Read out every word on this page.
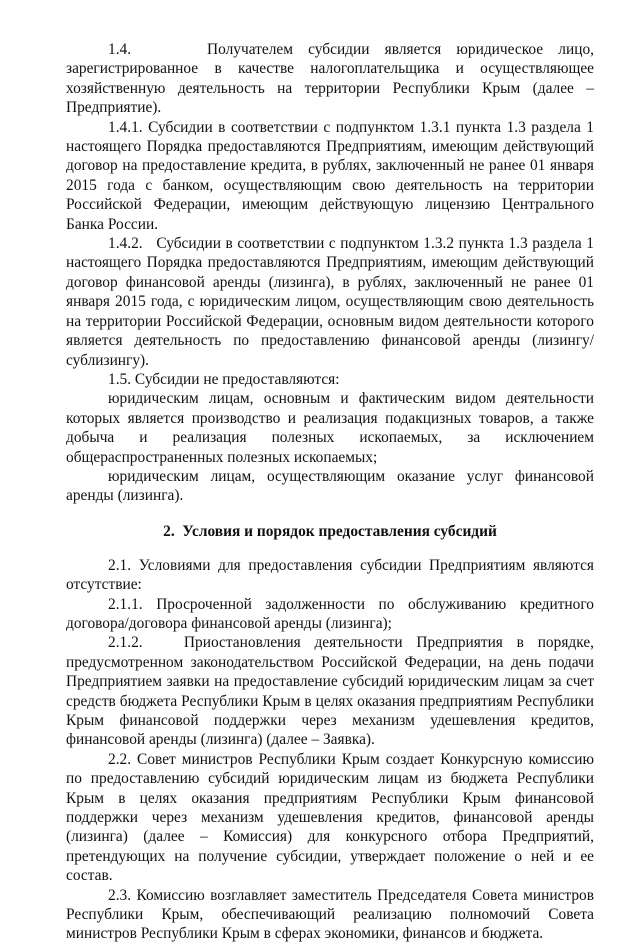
1.4.     Получателем субсидии является юридическое лицо, зарегистрированное в качестве налогоплательщика и осуществляющее хозяйственную деятельность на территории Республики Крым (далее – Предприятие).

1.4.1. Субсидии в соответствии с подпунктом 1.3.1 пункта 1.3 раздела 1 настоящего Порядка предоставляются Предприятиям, имеющим действующий договор на предоставление кредита, в рублях, заключенный не ранее 01 января 2015 года с банком, осуществляющим свою деятельность на территории Российской Федерации, имеющим действующую лицензию Центрального Банка России.

1.4.2.   Субсидии в соответствии с подпунктом 1.3.2 пункта 1.3 раздела 1 настоящего Порядка предоставляются Предприятиям, имеющим действующий договор финансовой аренды (лизинга), в рублях, заключенный не ранее 01 января 2015 года, с юридическим лицом, осуществляющим свою деятельность на территории Российской Федерации, основным видом деятельности которого является деятельность по предоставлению финансовой аренды (лизингу/сублизингу).

1.5. Субсидии не предоставляются:

юридическим лицам, основным и фактическим видом деятельности которых является производство и реализация подакцизных товаров, а также добыча и реализация полезных ископаемых, за исключением общераспространенных полезных ископаемых;

юридическим лицам, осуществляющим оказание услуг финансовой аренды (лизинга).

2.  Условия и порядок предоставления субсидий

2.1. Условиями для предоставления субсидии Предприятиям являются отсутствие:

2.1.1. Просроченной задолженности по обслуживанию кредитного договора/договора финансовой аренды (лизинга);

2.1.2.   Приостановления деятельности Предприятия в порядке, предусмотренном законодательством Российской Федерации, на день подачи Предприятием заявки на предоставление субсидий юридическим лицам за счет средств бюджета Республики Крым в целях оказания предприятиям Республики Крым финансовой поддержки через механизм удешевления кредитов, финансовой аренды (лизинга) (далее – Заявка).

2.2. Совет министров Республики Крым создает Конкурсную комиссию по предоставлению субсидий юридическим лицам из бюджета Республики Крым в целях оказания предприятиям Республики Крым финансовой поддержки через механизм удешевления кредитов, финансовой аренды (лизинга) (далее – Комиссия) для конкурсного отбора Предприятий, претендующих на получение субсидии, утверждает положение о ней и ее состав.

2.3. Комиссию возглавляет заместитель Председателя Совета министров Республики Крым, обеспечивающий реализацию полномочий Совета министров Республики Крым в сферах экономики, финансов и бюджета.
